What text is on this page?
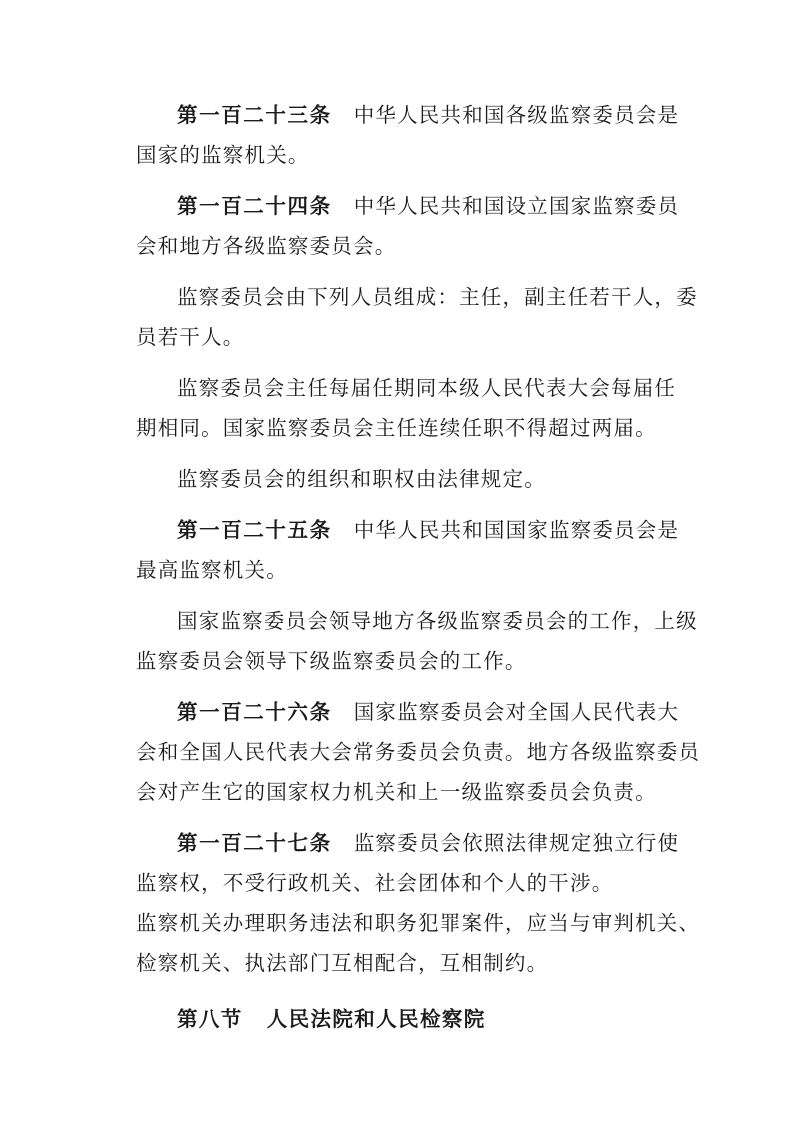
第一百二十三条 中华人民共和国各级监察委员会是
国家的监察机关。

第一百二十四条 中华人民共和国设立国家监察委员
会和地方各级监察委员会。

监察委员会由下列人员组成：主任，副主任若干人，委
员若干人。

监察委员会主任每届任期同本级人民代表大会每届任
期相同。国家监察委员会主任连续任职不得超过两届。

监察委员会的组织和职权由法律规定。

第一百二十五条 中华人民共和国国家监察委员会是
最高监察机关。

国家监察委员会领导地方各级监察委员会的工作，上级
监察委员会领导下级监察委员会的工作。

第一百二十六条 国家监察委员会对全国人民代表大
会和全国人民代表大会常务委员会负责。地方各级监察委员
会对产生它的国家权力机关和上一级监察委员会负责。

第一百二十七条 监察委员会依照法律规定独立行使
监察权，不受行政机关、社会团体和个人的干涉。
监察机关办理职务违法和职务犯罪案件，应当与审判机关、
检察机关、执法部门互相配合，互相制约。

第八节 人民法院和人民检察院
